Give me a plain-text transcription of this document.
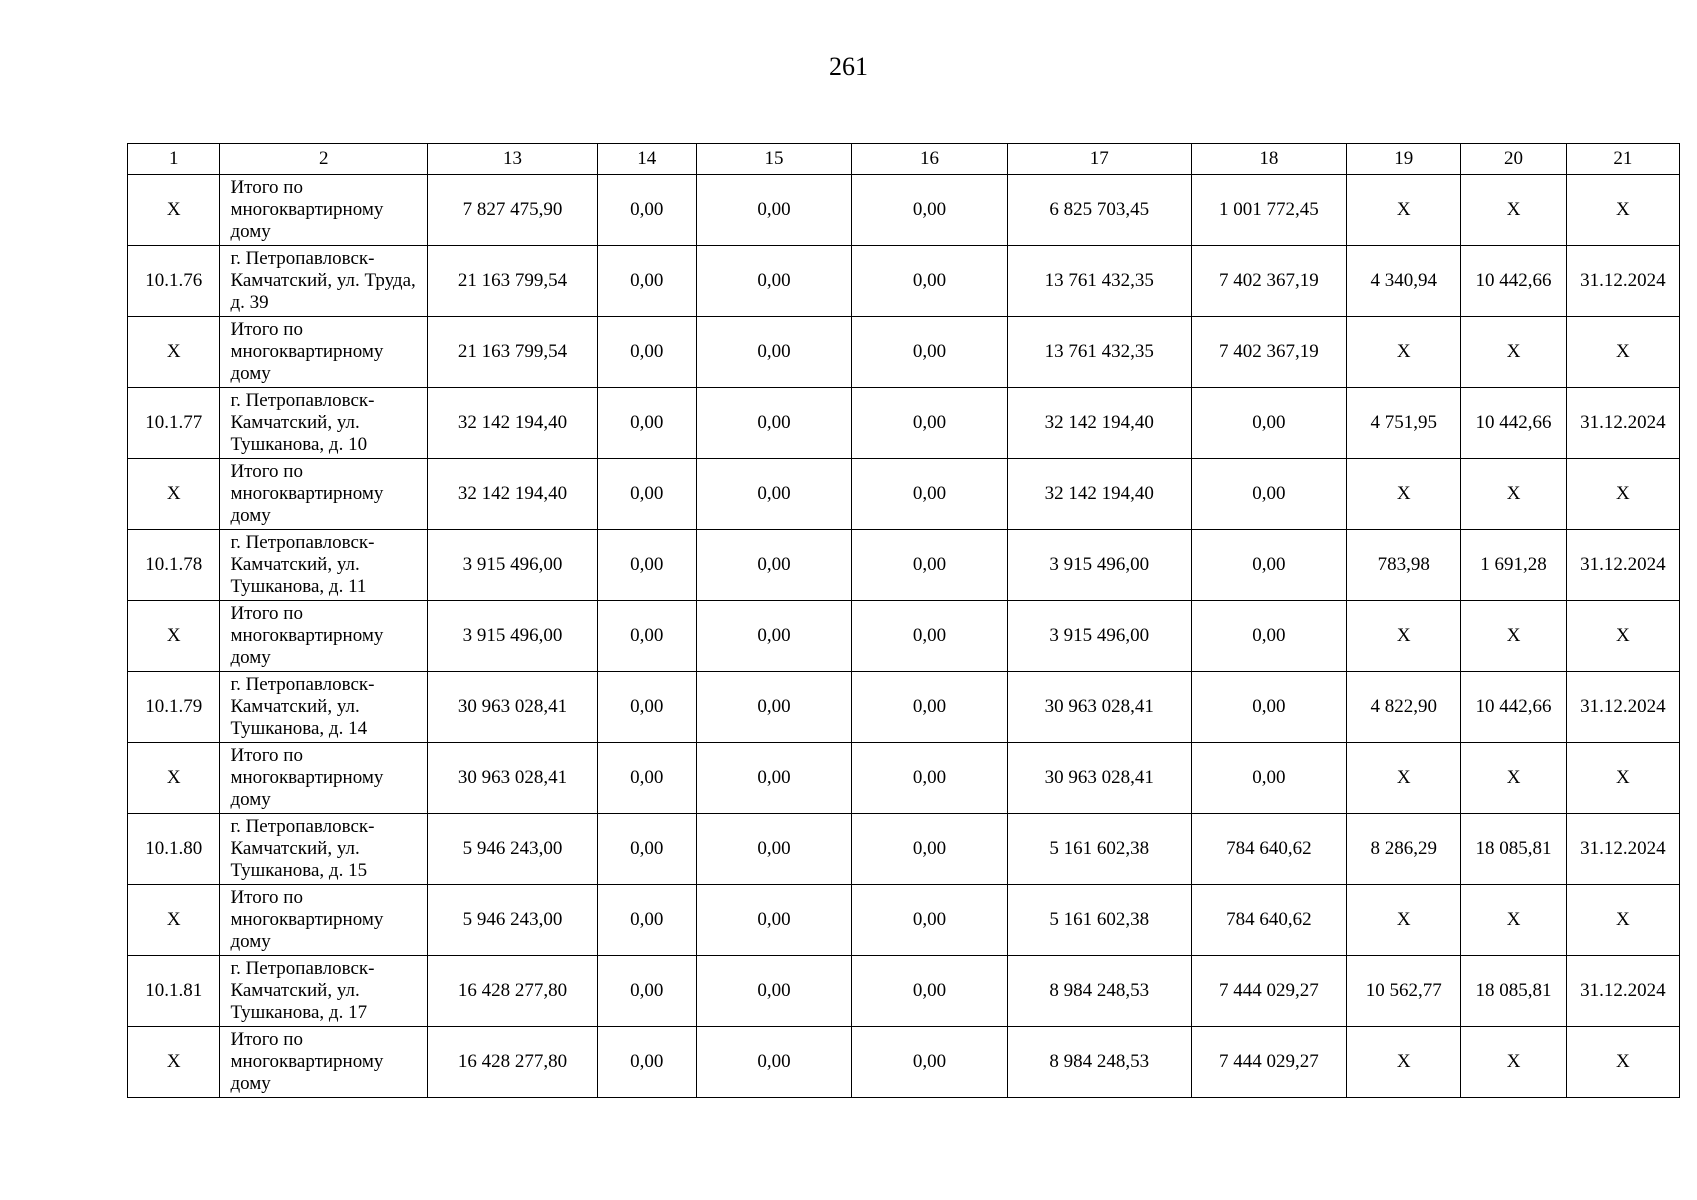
261
1	2	13	14	15	16	17	18	19	20	21
Х	Итого по многоквартирному дому	7 827 475,90	0,00	0,00	0,00	6 825 703,45	1 001 772,45	Х	Х	Х
10.1.76	г. Петропавловск-Камчатский, ул. Труда, д. 39	21 163 799,54	0,00	0,00	0,00	13 761 432,35	7 402 367,19	4 340,94	10 442,66	31.12.2024
Х	Итого по многоквартирному дому	21 163 799,54	0,00	0,00	0,00	13 761 432,35	7 402 367,19	Х	Х	Х
10.1.77	г. Петропавловск-Камчатский, ул. Тушканова, д. 10	32 142 194,40	0,00	0,00	0,00	32 142 194,40	0,00	4 751,95	10 442,66	31.12.2024
Х	Итого по многоквартирному дому	32 142 194,40	0,00	0,00	0,00	32 142 194,40	0,00	Х	Х	Х
10.1.78	г. Петропавловск-Камчатский, ул. Тушканова, д. 11	3 915 496,00	0,00	0,00	0,00	3 915 496,00	0,00	783,98	1 691,28	31.12.2024
Х	Итого по многоквартирному дому	3 915 496,00	0,00	0,00	0,00	3 915 496,00	0,00	Х	Х	Х
10.1.79	г. Петропавловск-Камчатский, ул. Тушканова, д. 14	30 963 028,41	0,00	0,00	0,00	30 963 028,41	0,00	4 822,90	10 442,66	31.12.2024
Х	Итого по многоквартирному дому	30 963 028,41	0,00	0,00	0,00	30 963 028,41	0,00	Х	Х	Х
10.1.80	г. Петропавловск-Камчатский, ул. Тушканова, д. 15	5 946 243,00	0,00	0,00	0,00	5 161 602,38	784 640,62	8 286,29	18 085,81	31.12.2024
Х	Итого по многоквартирному дому	5 946 243,00	0,00	0,00	0,00	5 161 602,38	784 640,62	Х	Х	Х
10.1.81	г. Петропавловск-Камчатский, ул. Тушканова, д. 17	16 428 277,80	0,00	0,00	0,00	8 984 248,53	7 444 029,27	10 562,77	18 085,81	31.12.2024
Х	Итого по многоквартирному дому	16 428 277,80	0,00	0,00	0,00	8 984 248,53	7 444 029,27	Х	Х	Х
